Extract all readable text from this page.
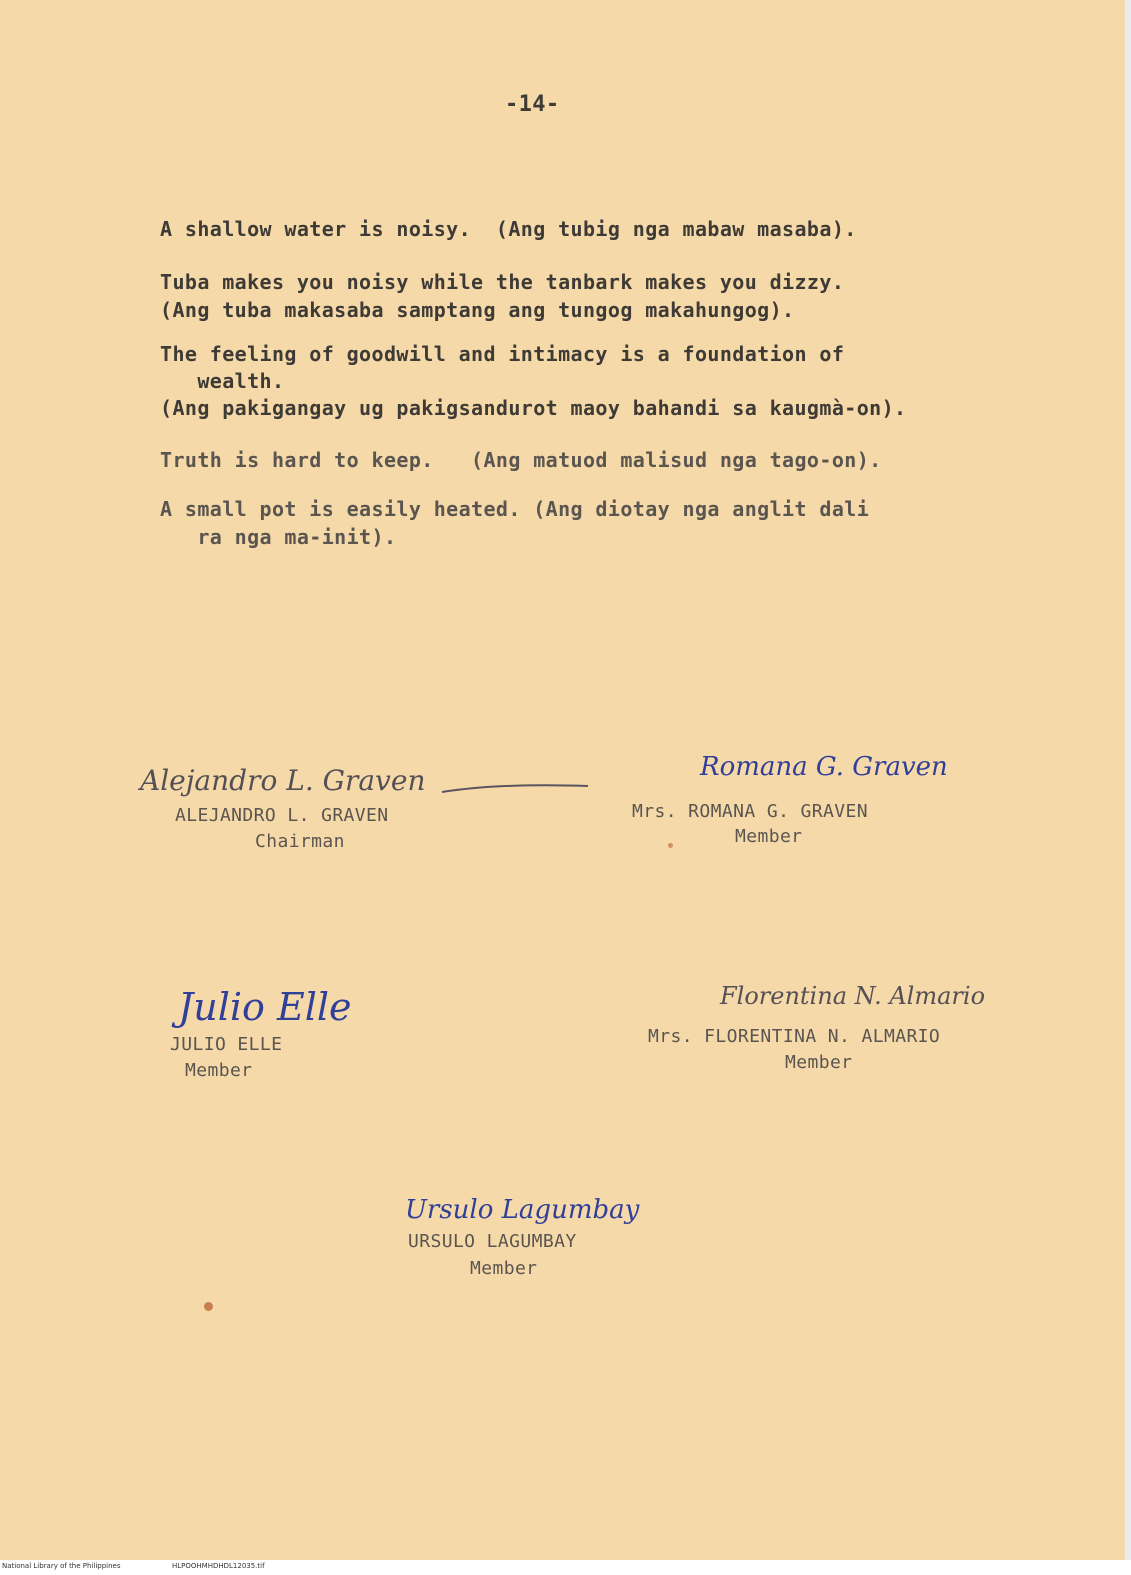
-14-
A shallow water is noisy.  (Ang tubig nga mabaw masaba).
Tuba makes you noisy while the tanbark makes you dizzy.
(Ang tuba makasaba samptang ang tungog makahungog).
The feeling of goodwill and intimacy is a foundation of
wealth.
(Ang pakigangay ug pakigsandurot maoy bahandi sa kaugmà-on).
Truth is hard to keep.   (Ang matuod malisud nga tago-on).
A small pot is easily heated. (Ang diotay nga anglit dali
ra nga ma-init).
Alejandro L. Graven
ALEJANDRO L. GRAVEN
Chairman
Romana G. Graven
Mrs. ROMANA G. GRAVEN
Member
Julio Elle
JULIO ELLE
Member
Florentina N. Almario
Mrs. FLORENTINA N. ALMARIO
Member
Ursulo Lagumbay
URSULO LAGUMBAY
Member
National Library of the Philippines	HLPOOHMHDHDL12035.tif
